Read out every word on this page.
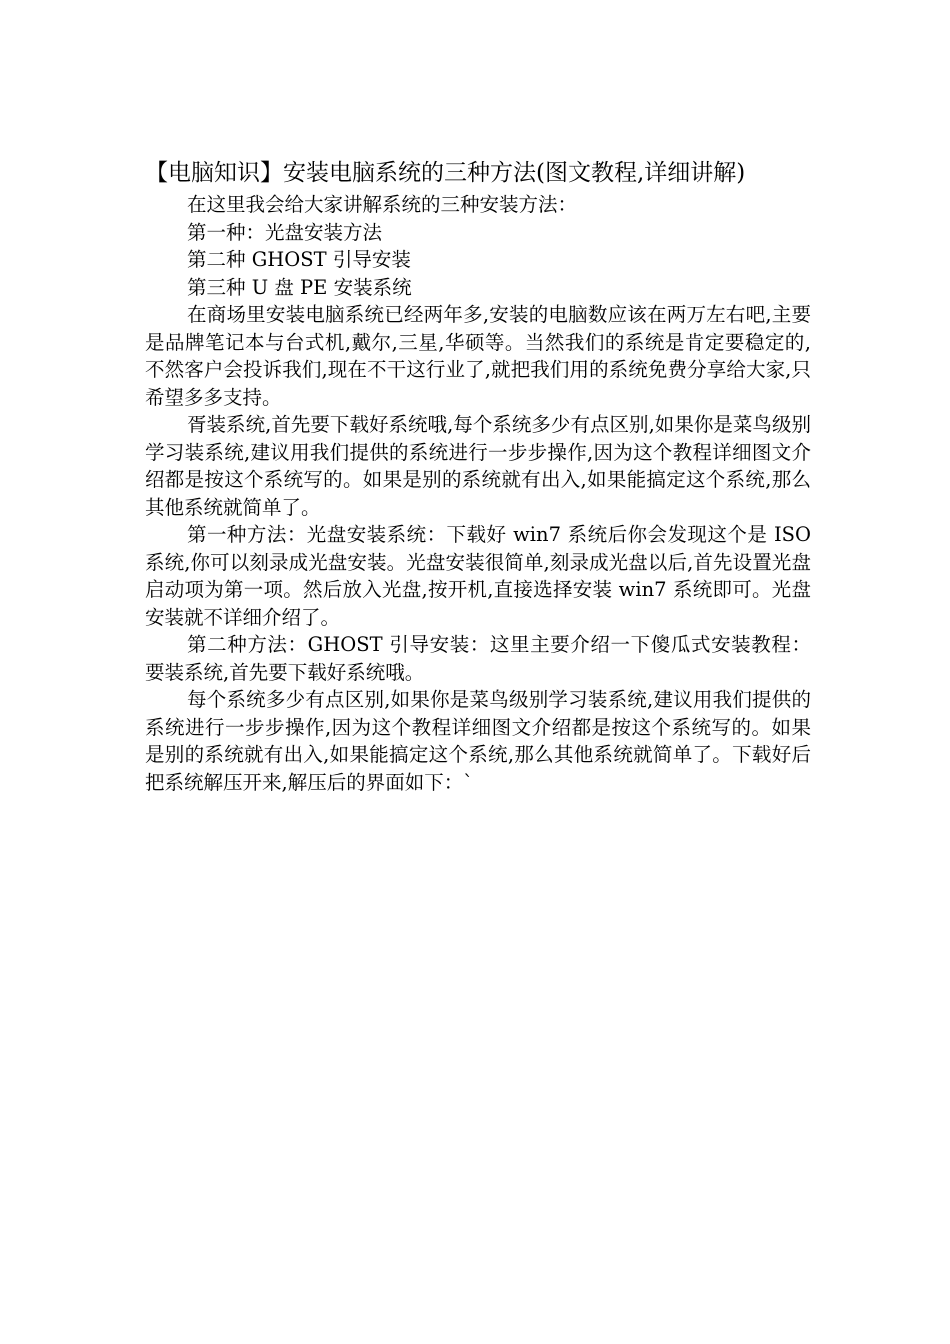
【电脑知识】安装电脑系统的三种方法(图文教程,详细讲解)

在这里我会给大家讲解系统的三种安装方法：

第一种：光盘安装方法

第二种 GHOST 引导安装

第三种 U 盘 PE 安装系统

在商场里安装电脑系统已经两年多,安装的电脑数应该在两万左右吧,主要是品牌笔记本与台式机,戴尔,三星,华硕等。当然我们的系统是肯定要稳定的,不然客户会投诉我们,现在不干这行业了,就把我们用的系统免费分享给大家,只希望多多支持。

胥装系统,首先要下载好系统哦,每个系统多少有点区别,如果你是菜鸟级别学习装系统,建议用我们提供的系统进行一步步操作,因为这个教程详细图文介绍都是按这个系统写的。如果是别的系统就有出入,如果能搞定这个系统,那么其他系统就简单了。

第一种方法：光盘安装系统：下载好 win7 系统后你会发现这个是 ISO 系统,你可以刻录成光盘安装。光盘安装很简单,刻录成光盘以后,首先设置光盘启动项为第一项。然后放入光盘,按开机,直接选择安装 win7 系统即可。光盘安装就不详细介绍了。

第二种方法：GHOST 引导安装：这里主要介绍一下傻瓜式安装教程：要装系统,首先要下载好系统哦。

每个系统多少有点区别,如果你是菜鸟级别学习装系统,建议用我们提供的系统进行一步步操作,因为这个教程详细图文介绍都是按这个系统写的。如果是别的系统就有出入,如果能搞定这个系统,那么其他系统就简单了。下载好后把系统解压开来,解压后的界面如下：`
